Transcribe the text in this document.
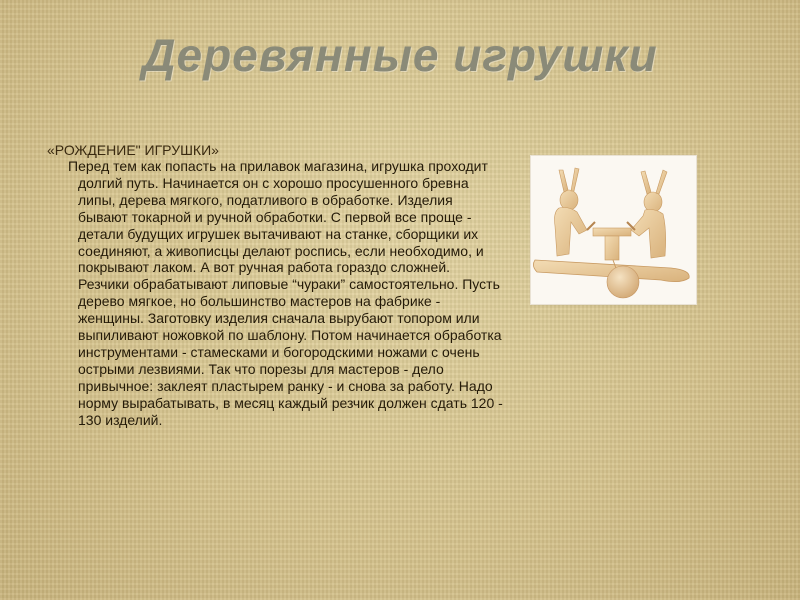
Деревянные игрушки
«РОЖДЕНИЕ" ИГРУШКИ»
Перед тем как попасть на прилавок магазина, игрушка проходит долгий путь. Начинается он с хорошо просушенного бревна липы, дерева мягкого, податливого в обработке. Изделия бывают токарной и ручной обработки. С первой все проще - детали будущих игрушек вытачивают на станке, сборщики их соединяют, а живописцы делают роспись, если необходимо, и покрывают лаком. А вот ручная работа гораздо сложней. Резчики обрабатывают липовые “чураки” самостоятельно. Пусть дерево мягкое, но большинство мастеров на фабрике - женщины. Заготовку изделия сначала вырубают топором или выпиливают ножовкой по шаблону. Потом начинается обработка инструментами - стамесками и богородскими ножами с очень острыми лезвиями. Так что порезы для мастеров - дело привычное: заклеят пластырем ранку - и снова за работу. Надо норму вырабатывать, в месяц каждый резчик должен сдать 120 - 130 изделий.
